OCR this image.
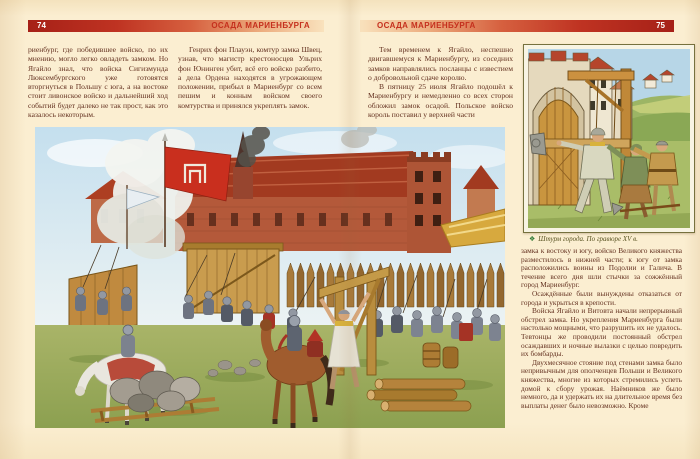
74	ОСАДА МАРИЕНБУРГА	ОСАДА МАРИЕНБУРГА	75

риенбург, где победившее войско, по их мнению, могло легко овладеть замком. Но Ягайло знал, что войска Сигизмунда Люксембургского уже готовятся вторгнуться в Польшу с юга, а на востоке стоит ливонское войско и дальнейший ход событий будет далеко не так прост, как это казалось некоторым.

Генрих фон Плауэн, комтур замка Швец, узнав, что магистр крестоносцев Ульрих фон Юнинген убит, всё его войско разбито, а дела Ордена находятся в угрожающем положении, прибыл в Мариенбург со всем пешим и конным войском своего комтурства и принялся укреплять замок.

Тем временем к Ягайло, неспешно двигавшемуся к Мариенбургу, из соседних замков направлялись посланцы с известием о добровольной сдаче королю.

В пятницу 25 июля Ягайло подошёл к Мариенбургу и немедленно со всех сторон обложил замок осадой. Польское войско король поставил у верхней части

❖ Штурм города. По гравюре XV в.

замка к востоку и югу, войско Великого княжества разместилось в нижней части; к югу от замка расположились воины из Подолии и Галича. В течение всего дня шли стычки за сожжённый город Мариенбург.

Осаждённые были вынуждены отказаться от города и укрыться в крепости.

Войска Ягайло и Витовта начали непрерывный обстрел замка. Но укрепления Мариенбурга были настолько мощными, что разрушить их не удалось. Тевтонцы же проводили постоянный обстрел осаждавших и ночные вылазки с целью повредить их бомбарды.

Двухмесячное стояние под стенами замка было непривычным для ополченцев Польши и Великого княжества, многие из которых стремились успеть домой к сбору урожая. Наёмников же было немного, да и удержать их на длительное время без выплаты денег было невозможно. Кроме
